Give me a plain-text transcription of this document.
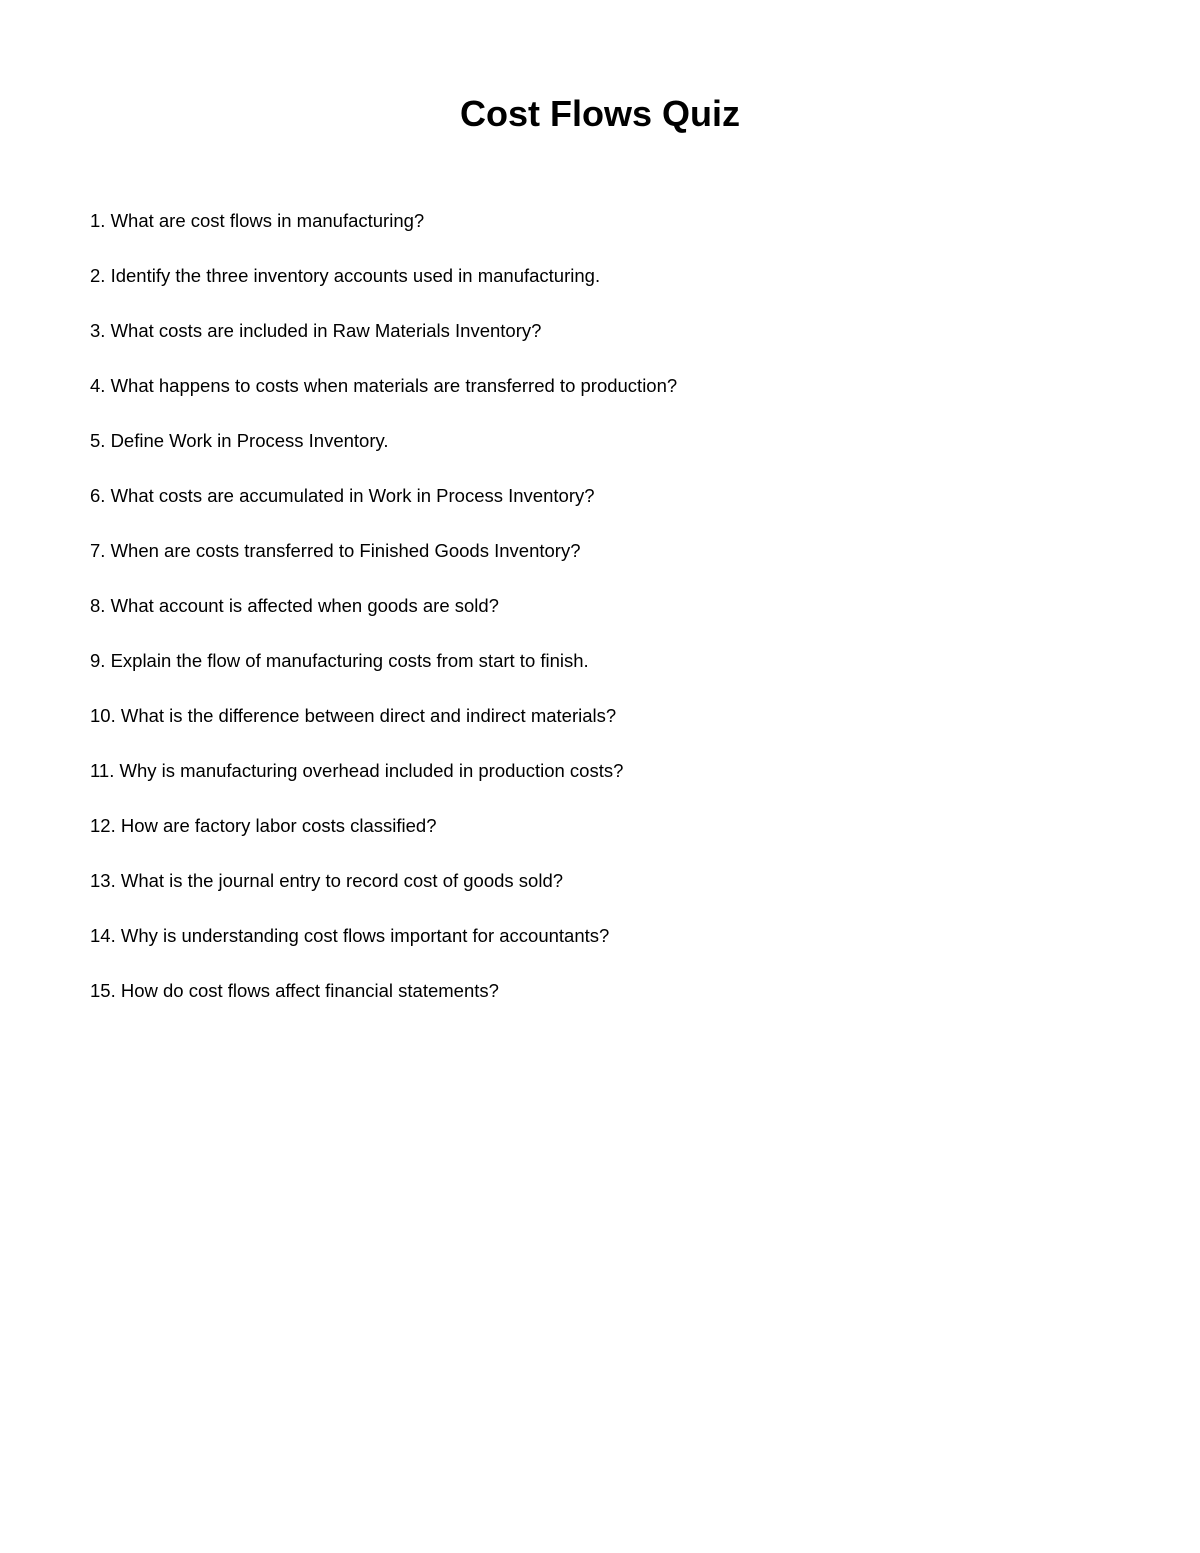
Cost Flows Quiz
1. What are cost flows in manufacturing?
2. Identify the three inventory accounts used in manufacturing.
3. What costs are included in Raw Materials Inventory?
4. What happens to costs when materials are transferred to production?
5. Define Work in Process Inventory.
6. What costs are accumulated in Work in Process Inventory?
7. When are costs transferred to Finished Goods Inventory?
8. What account is affected when goods are sold?
9. Explain the flow of manufacturing costs from start to finish.
10. What is the difference between direct and indirect materials?
11. Why is manufacturing overhead included in production costs?
12. How are factory labor costs classified?
13. What is the journal entry to record cost of goods sold?
14. Why is understanding cost flows important for accountants?
15. How do cost flows affect financial statements?
